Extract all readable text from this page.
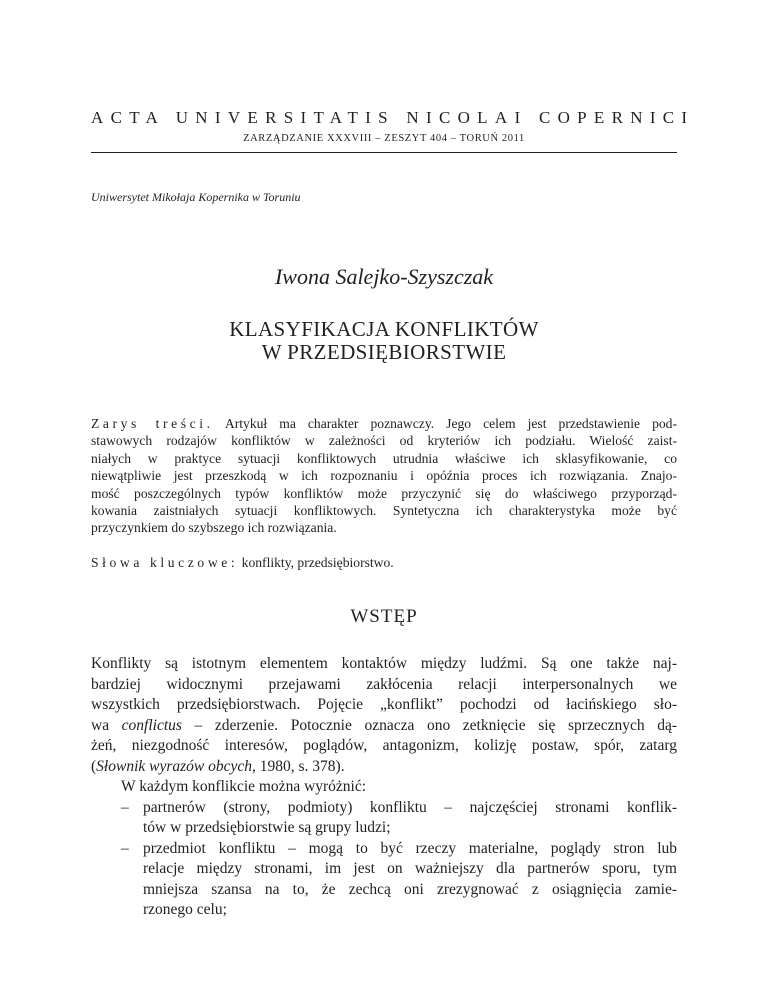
ACTA UNIVERSITATIS NICOLAI COPERNICI
ZARZĄDZANIE XXXVIII – ZESZYT 404 – TORUŃ 2011
Uniwersytet Mikołaja Kopernika w Toruniu
Iwona Salejko-Szyszczak
KLASYFIKACJA KONFLIKTÓW
W PRZEDSIĘBIORSTWIE
Zarys treści. Artykuł ma charakter poznawczy. Jego celem jest przedstawienie pod-
stawowych rodzajów konfliktów w zależności od kryteriów ich podziału. Wielość zaist-
niałych w praktyce sytuacji konfliktowych utrudnia właściwe ich sklasyfikowanie, co
niewątpliwie jest przeszkodą w ich rozpoznaniu i opóźnia proces ich rozwiązania. Znajo-
mość poszczególnych typów konfliktów może przyczynić się do właściwego przyporząd-
kowania zaistniałych sytuacji konfliktowych. Syntetyczna ich charakterystyka może być
przyczynkiem do szybszego ich rozwiązania.
Słowa kluczowe: konflikty, przedsiębiorstwo.
WSTĘP
Konflikty są istotnym elementem kontaktów między ludźmi. Są one także naj-
bardziej widocznymi przejawami zakłócenia relacji interpersonalnych we
wszystkich przedsiębiorstwach. Pojęcie „konflikt” pochodzi od łacińskiego sło-
wa conflictus – zderzenie. Potocznie oznacza ono zetknięcie się sprzecznych dą-
żeń, niezgodność interesów, poglądów, antagonizm, kolizję postaw, spór, zatarg
(Słownik wyrazów obcych, 1980, s. 378).
W każdym konflikcie można wyróżnić:
– partnerów (strony, podmioty) konfliktu – najczęściej stronami konflik-
tów w przedsiębiorstwie są grupy ludzi;
– przedmiot konfliktu – mogą to być rzeczy materialne, poglądy stron lub
relacje między stronami, im jest on ważniejszy dla partnerów sporu, tym
mniejsza szansa na to, że zechcą oni zrezygnować z osiągnięcia zamie-
rzonego celu;
